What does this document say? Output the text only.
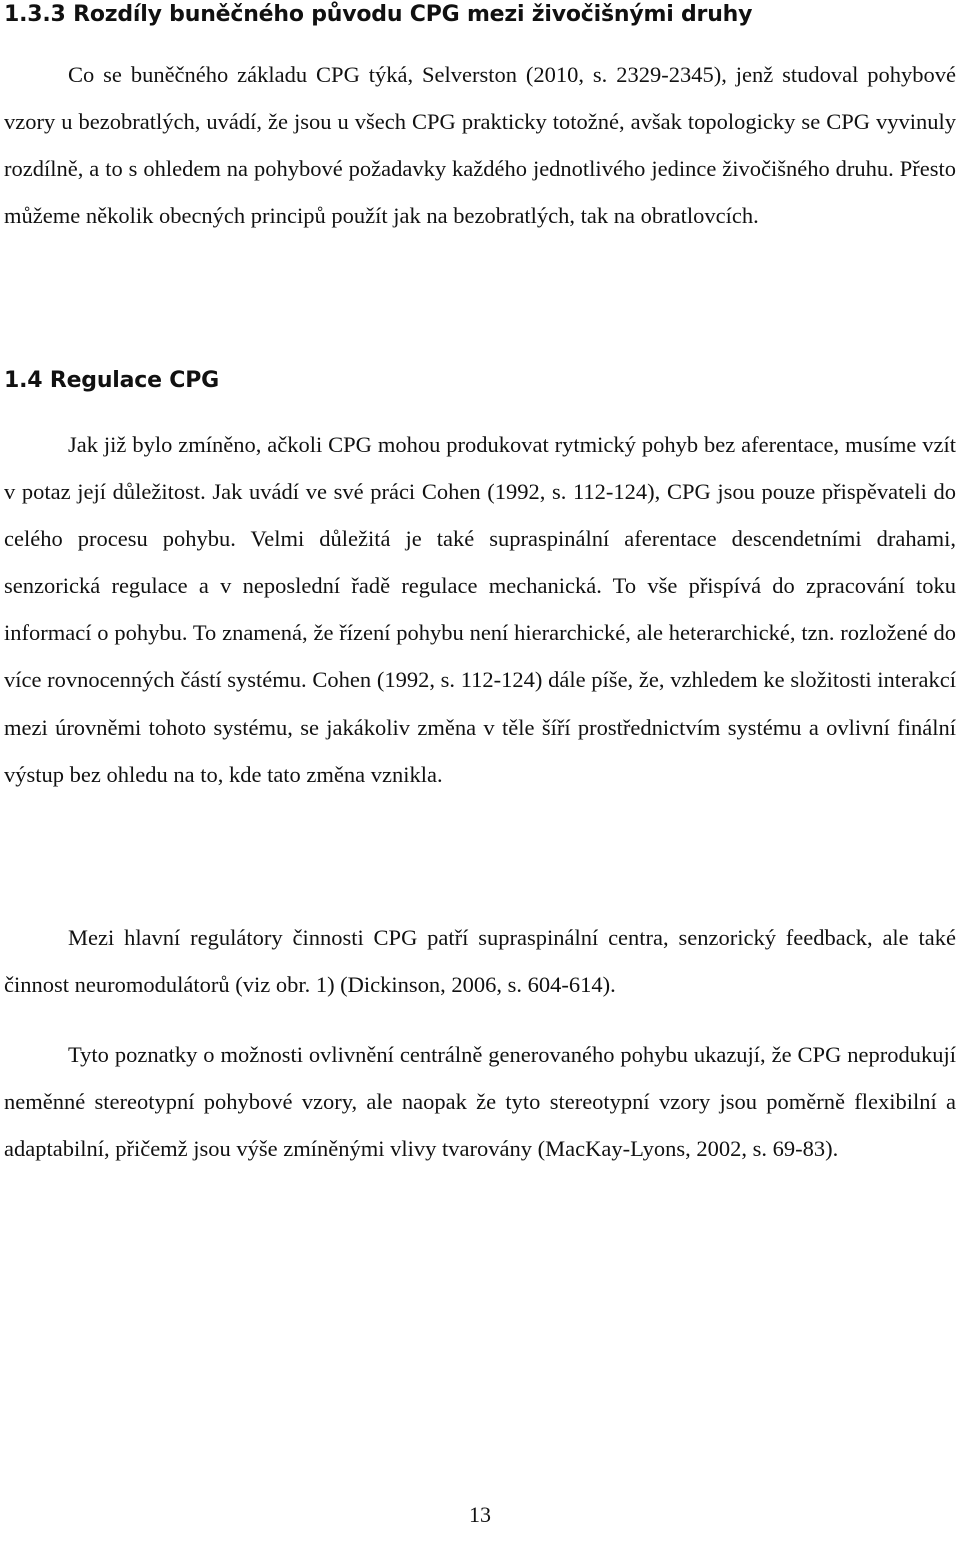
1.3.3 Rozdíly buněčného původu CPG mezi živočišnými druhy

Co se buněčného základu CPG týká, Selverston (2010, s. 2329-2345), jenž studoval pohybové vzory u bezobratlých, uvádí, že jsou u všech CPG prakticky totožné, avšak topologicky se CPG vyvinuly rozdílně, a to s ohledem na pohybové požadavky každého jednotlivého jedince živočišného druhu. Přesto můžeme několik obecných principů použít jak na bezobratlých, tak na obratlovcích.

1.4 Regulace CPG

Jak již bylo zmíněno, ačkoli CPG mohou produkovat rytmický pohyb bez aferentace, musíme vzít v potaz její důležitost. Jak uvádí ve své práci Cohen (1992, s. 112-124), CPG jsou pouze přispěvateli do celého procesu pohybu. Velmi důležitá je také supraspinální aferentace descendetními drahami, senzorická regulace a v neposlední řadě regulace mechanická. To vše přispívá do zpracování toku informací o pohybu. To znamená, že řízení pohybu není hierarchické, ale heterarchické, tzn. rozložené do více rovnocenných částí systému. Cohen (1992, s. 112-124) dále píše, že, vzhledem ke složitosti interakcí mezi úrovněmi tohoto systému, se jakákoliv změna v těle šíří prostřednictvím systému a ovlivní finální výstup bez ohledu na to, kde tato změna vznikla.

Mezi hlavní regulátory činnosti CPG patří supraspinální centra, senzorický feedback, ale také činnost neuromodulátorů (viz obr. 1) (Dickinson, 2006, s. 604-614).

Tyto poznatky o možnosti ovlivnění centrálně generovaného pohybu ukazují, že CPG neprodukují neměnné stereotypní pohybové vzory, ale naopak že tyto stereotypní vzory jsou poměrně flexibilní a adaptabilní, přičemž jsou výše zmíněnými vlivy tvarovány (MacKay-Lyons, 2002, s. 69-83).

13
